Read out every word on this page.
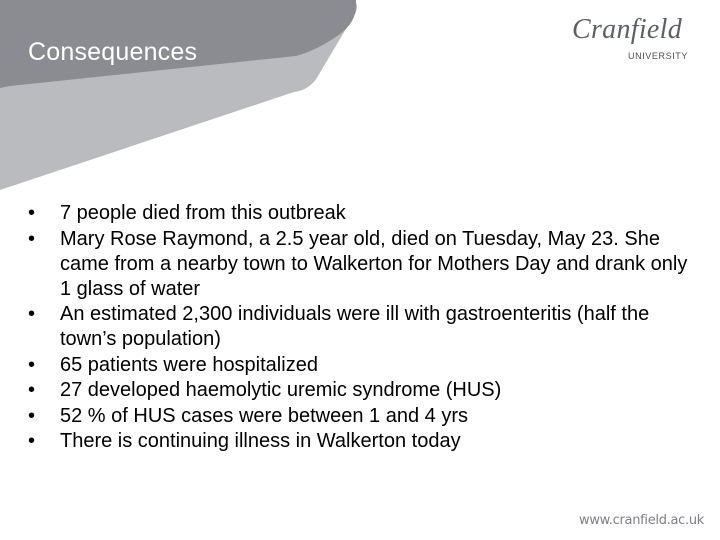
Consequences
Cranfield
UNIVERSITY
• 7 people died from this outbreak
• Mary Rose Raymond, a 2.5 year old, died on Tuesday, May 23. She came from a nearby town to Walkerton for Mothers Day and drank only 1 glass of water
• An estimated 2,300 individuals were ill with gastroenteritis (half the town’s population)
• 65 patients were hospitalized
• 27 developed haemolytic uremic syndrome (HUS)
• 52 % of HUS cases were between 1 and 4 yrs
• There is continuing illness in Walkerton today
www.cranfield.ac.uk
